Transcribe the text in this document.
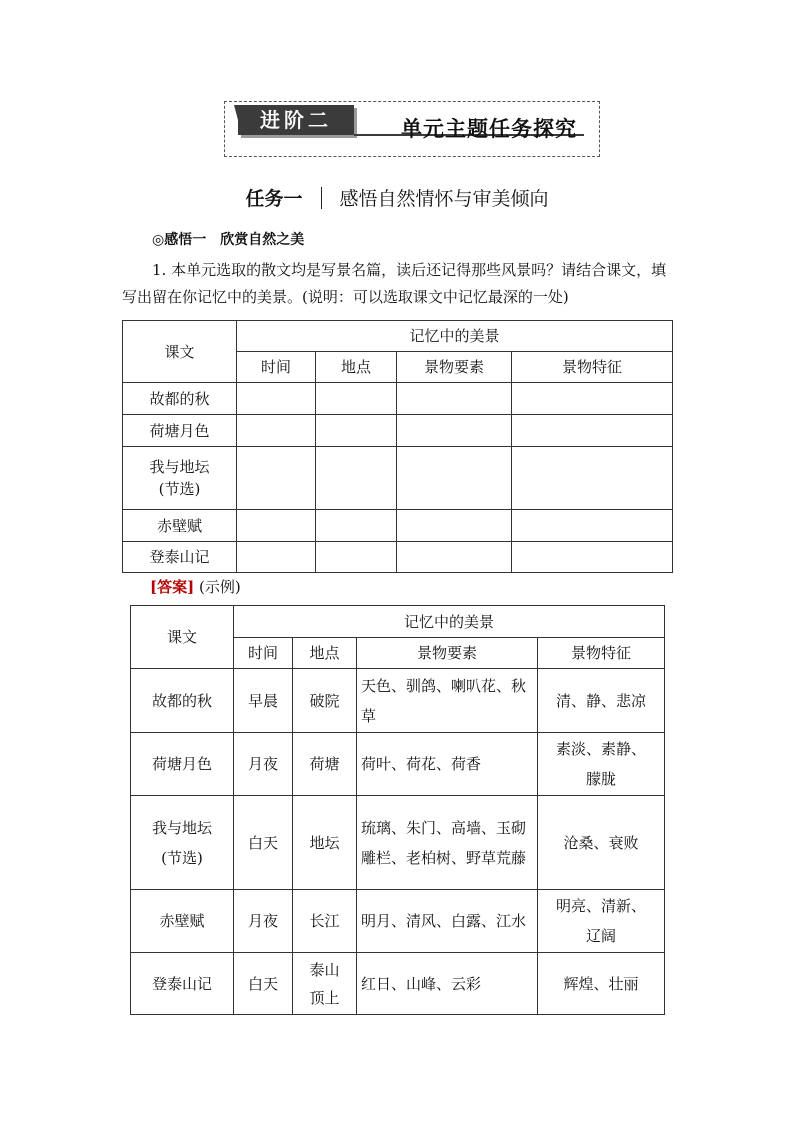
进阶二	单元主题任务探究
任务一 感悟自然情怀与审美倾向
◎感悟一 欣赏自然之美
1. 本单元选取的散文均是写景名篇，读后还记得那些风景吗？请结合课文，填写出留在你记忆中的美景。(说明：可以选取课文中记忆最深的一处)
课文	记忆中的美景			
	时间	地点	景物要素	景物特征
故都的秋				
荷塘月色				
我与地坛(节选)				
赤壁赋				
登泰山记				
[答案] (示例)
课文	记忆中的美景			
	时间	地点	景物要素	景物特征
故都的秋	早晨	破院	天色、驯鸽、喇叭花、秋草	清、静、悲凉
荷塘月色	月夜	荷塘	荷叶、荷花、荷香	素淡、素静、朦胧
我与地坛(节选)	白天	地坛	琉璃、朱门、高墙、玉砌雕栏、老柏树、野草荒藤	沧桑、衰败
赤壁赋	月夜	长江	明月、清风、白露、江水	明亮、清新、辽阔
登泰山记	白天	泰山顶上	红日、山峰、云彩	辉煌、壮丽
